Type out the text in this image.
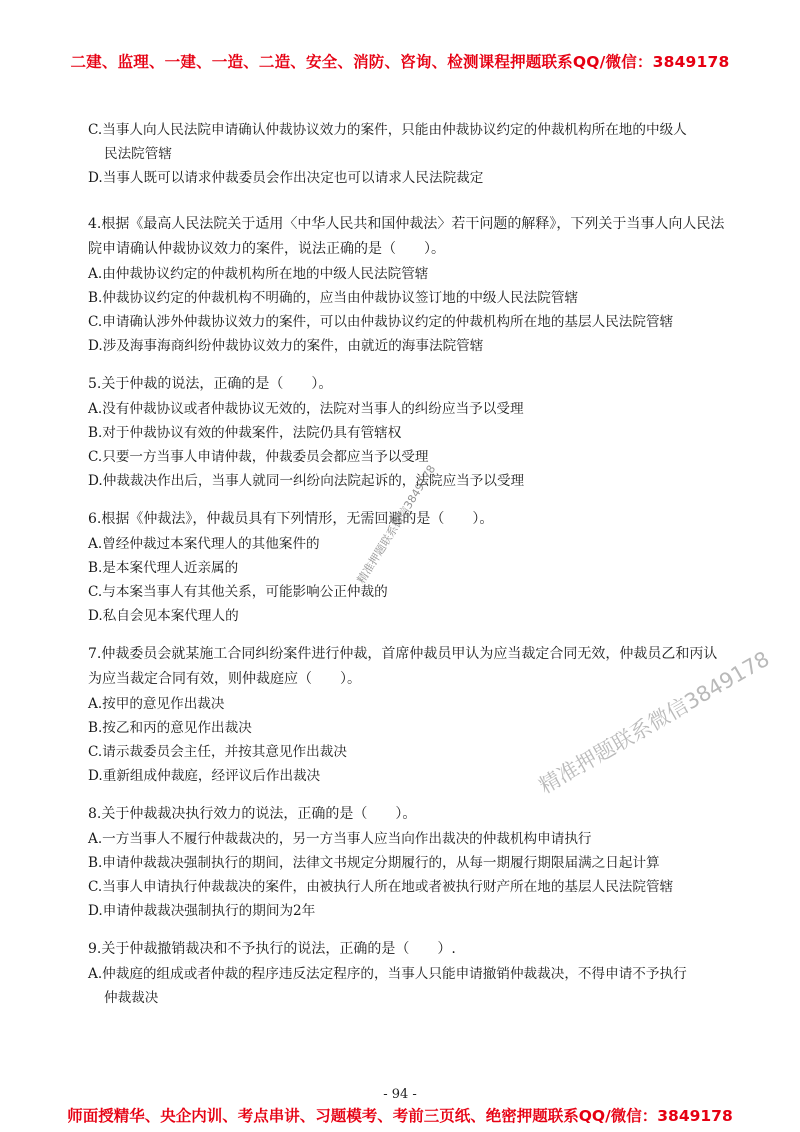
二建、监理、一建、一造、二造、安全、消防、咨询、检测课程押题联系QQ/微信：3849178
C.当事人向人民法院申请确认仲裁协议效力的案件，只能由仲裁协议约定的仲裁机构所在地的中级人
民法院管辖
D.当事人既可以请求仲裁委员会作出决定也可以请求人民法院裁定
4.根据《最高人民法院关于适用〈中华人民共和国仲裁法〉若干问题的解释》，下列关于当事人向人民法院申请确认仲裁协议效力的案件，说法正确的是（　　）。
A.由仲裁协议约定的仲裁机构所在地的中级人民法院管辖
B.仲裁协议约定的仲裁机构不明确的，应当由仲裁协议签订地的中级人民法院管辖
C.申请确认涉外仲裁协议效力的案件，可以由仲裁协议约定的仲裁机构所在地的基层人民法院管辖
D.涉及海事海商纠纷仲裁协议效力的案件，由就近的海事法院管辖
5.关于仲裁的说法，正确的是（　　）。
A.没有仲裁协议或者仲裁协议无效的，法院对当事人的纠纷应当予以受理
B.对于仲裁协议有效的仲裁案件，法院仍具有管辖权
C.只要一方当事人申请仲裁，仲裁委员会都应当予以受理
D.仲裁裁决作出后，当事人就同一纠纷向法院起诉的，法院应当予以受理
6.根据《仲裁法》，仲裁员具有下列情形，无需回避的是（　　）。
A.曾经仲裁过本案代理人的其他案件的
B.是本案代理人近亲属的
C.与本案当事人有其他关系，可能影响公正仲裁的
D.私自会见本案代理人的
7.仲裁委员会就某施工合同纠纷案件进行仲裁，首席仲裁员甲认为应当裁定合同无效，仲裁员乙和丙认为应当裁定合同有效，则仲裁庭应（　　）。
A.按甲的意见作出裁决
B.按乙和丙的意见作出裁决
C.请示裁委员会主任，并按其意见作出裁决
D.重新组成仲裁庭，经评议后作出裁决
8.关于仲裁裁决执行效力的说法，正确的是（　　）。
A.一方当事人不履行仲裁裁决的，另一方当事人应当向作出裁决的仲裁机构申请执行
B.申请仲裁裁决强制执行的期间，法律文书规定分期履行的，从每一期履行期限届满之日起计算
C.当事人申请执行仲裁裁决的案件，由被执行人所在地或者被执行财产所在地的基层人民法院管辖
D.申请仲裁裁决强制执行的期间为2年
9.关于仲裁撤销裁决和不予执行的说法，正确的是（　　）.
A.仲裁庭的组成或者仲裁的程序违反法定程序的，当事人只能申请撤销仲裁裁决，不得申请不予执行
仲裁裁决
精准押题联系微信3849178
精准押题联系微信3849178
- 94 -
师面授精华、央企内训、考点串讲、习题模考、考前三页纸、绝密押题联系QQ/微信：3849178
